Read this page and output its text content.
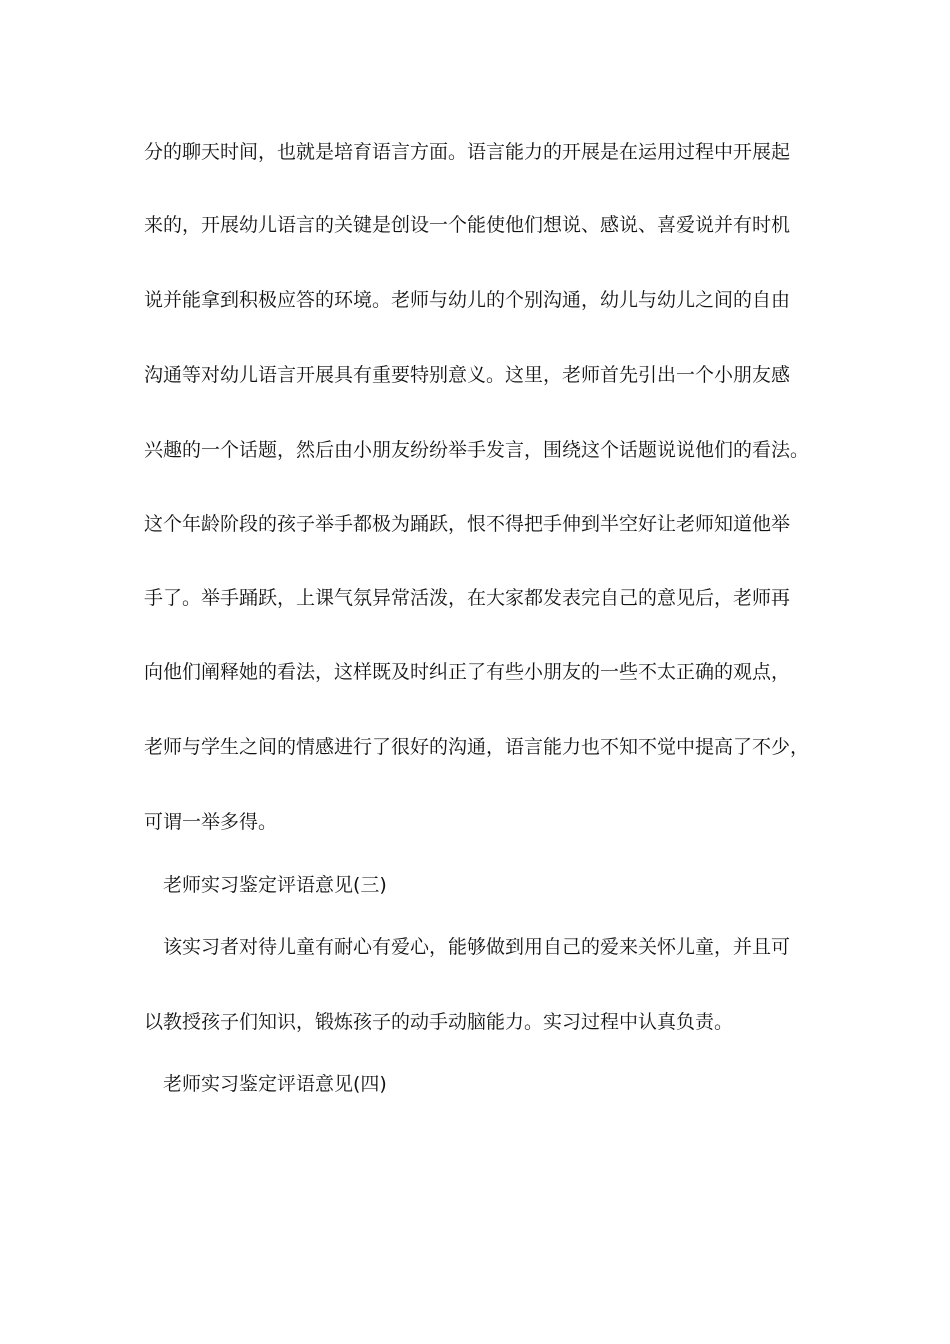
分的聊天时间，也就是培育语言方面。语言能力的开展是在运用过程中开展起
来的，开展幼儿语言的关键是创设一个能使他们想说、感说、喜爱说并有时机
说并能拿到积极应答的环境。老师与幼儿的个别沟通，幼儿与幼儿之间的自由
沟通等对幼儿语言开展具有重要特别意义。这里，老师首先引出一个小朋友感
兴趣的一个话题，然后由小朋友纷纷举手发言，围绕这个话题说说他们的看法。
这个年龄阶段的孩子举手都极为踊跃，恨不得把手伸到半空好让老师知道他举
手了。举手踊跃，上课气氛异常活泼，在大家都发表完自己的意见后，老师再
向他们阐释她的看法，这样既及时纠正了有些小朋友的一些不太正确的观点，
老师与学生之间的情感进行了很好的沟通，语言能力也不知不觉中提高了不少，
可谓一举多得。
老师实习鉴定评语意见(三)
该实习者对待儿童有耐心有爱心，能够做到用自己的爱来关怀儿童，并且可
以教授孩子们知识，锻炼孩子的动手动脑能力。实习过程中认真负责。
老师实习鉴定评语意见(四)
